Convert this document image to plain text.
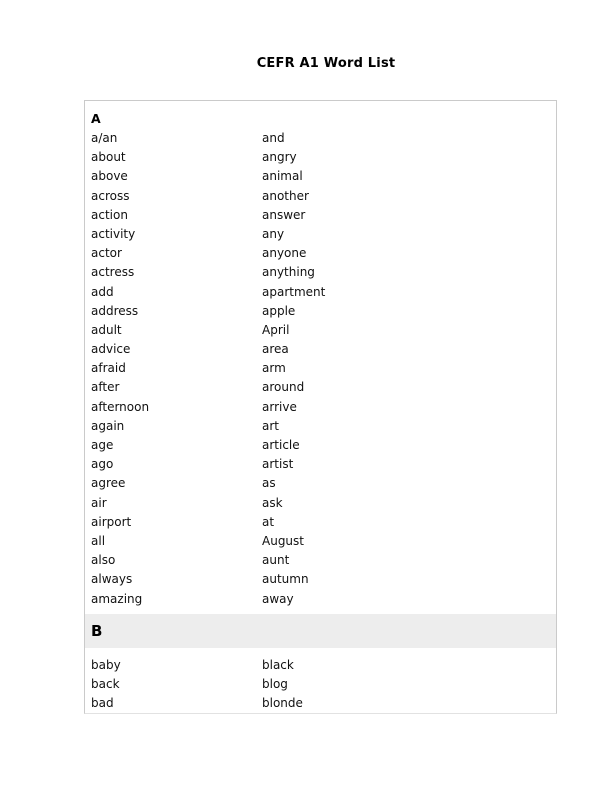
CEFR A1 Word List
A
a/an	and
about	angry
above	animal
across	another
action	answer
activity	any
actor	anyone
actress	anything
add	apartment
address	apple
adult	April
advice	area
afraid	arm
after	around
afternoon	arrive
again	art
age	article
ago	artist
agree	as
air	ask
airport	at
all	August
also	aunt
always	autumn
amazing	away
B
baby	black
back	blog
bad	blonde
